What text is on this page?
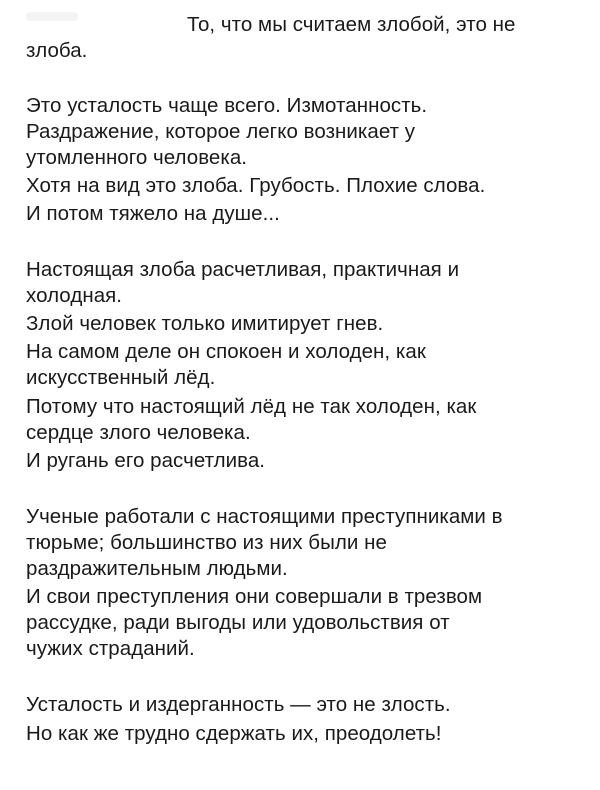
То, что мы считаем злобой, это не

злоба.

Это усталость чаще всего. Измотанность.

Раздражение, которое легко возникает у

утомленного человека.

Хотя на вид это злоба. Грубость. Плохие слова.

И потом тяжело на душе...

Настоящая злоба расчетливая, практичная и

холодная.

Злой человек только имитирует гнев.

На самом деле он спокоен и холоден, как

искусственный лёд.

Потому что настоящий лёд не так холоден, как

сердце злого человека.

И ругань его расчетлива.

Ученые работали с настоящими преступниками в

тюрьме; большинство из них были не

раздражительным людьми.

И свои преступления они совершали в трезвом

рассудке, ради выгоды или удовольствия от

чужих страданий.

Усталость и издерганность — это не злость.

Но как же трудно сдержать их, преодолеть!
